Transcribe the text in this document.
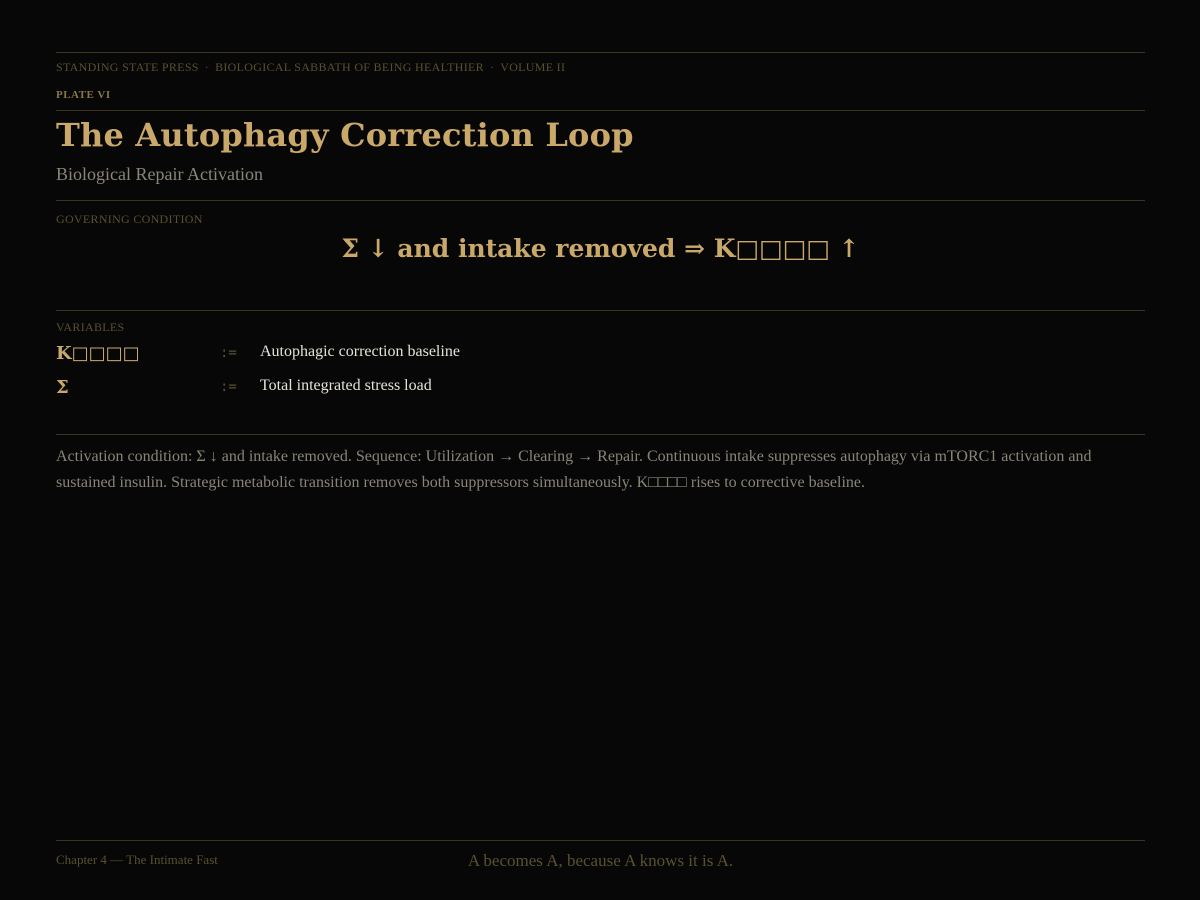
STANDING STATE PRESS · BIOLOGICAL SABBATH OF BEING HEALTHIER · VOLUME II
PLATE VI
The Autophagy Correction Loop
Biological Repair Activation
GOVERNING CONDITION
Σ ↓ and intake removed ⇒ K□□□□ ↑
VARIABLES
K□□□□	:= Autophagic correction baseline
Σ	:= Total integrated stress load
Activation condition: Σ ↓ and intake removed. Sequence: Utilization → Clearing → Repair. Continuous intake suppresses autophagy via mTORC1 activation and sustained insulin. Strategic metabolic transition removes both suppressors simultaneously. K□□□□ rises to corrective baseline.
Chapter 4 — The Intimate Fast	A becomes A, because A knows it is A.
